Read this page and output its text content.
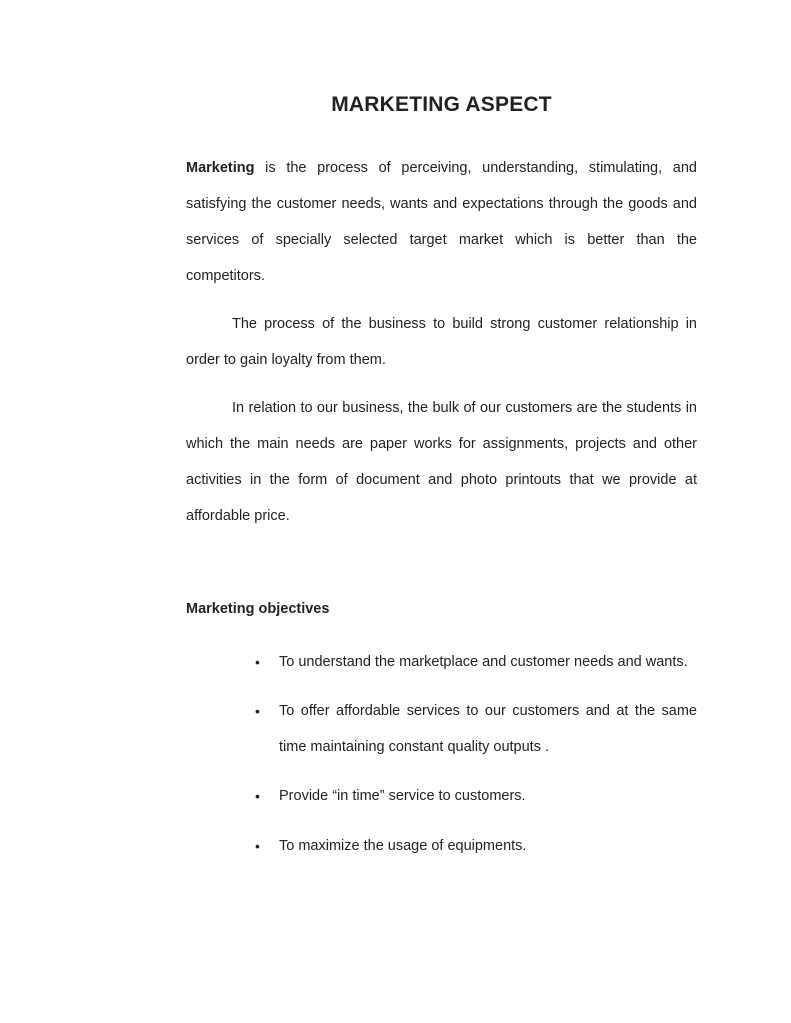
MARKETING ASPECT

Marketing is the process of perceiving, understanding, stimulating, and satisfying the customer needs, wants and expectations through the goods and services of specially selected target market which is better than the competitors.

The process of the business to build strong customer relationship in order to gain loyalty from them.

In relation to our business, the bulk of our customers are the students in which the main needs are paper works for assignments, projects and other activities in the form of document and photo printouts that we provide at affordable price.

Marketing objectives
• To understand the marketplace and customer needs and wants.
• To offer affordable services to our customers and at the same time maintaining constant quality outputs .
• Provide “in time” service to customers.
• To maximize the usage of equipments.
